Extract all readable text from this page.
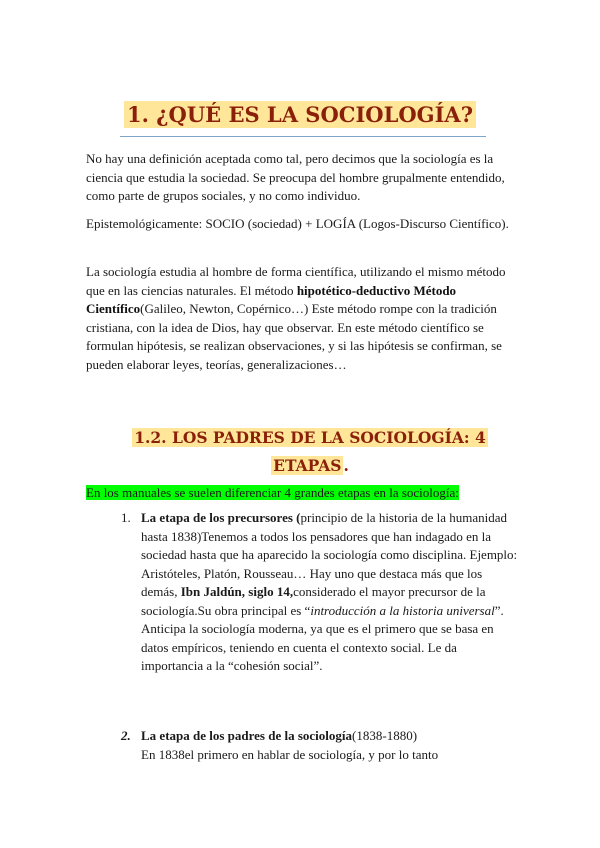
1. ¿QUÉ ES LA SOCIOLOGÍA?

No hay una definición aceptada como tal, pero decimos que la sociología es la ciencia que estudia la sociedad. Se preocupa del hombre grupalmente entendido, como parte de grupos sociales, y no como individuo.

Epistemológicamente: SOCIO (sociedad) + LOGÍA (Logos-Discurso Científico).

La sociología estudia al hombre de forma científica, utilizando el mismo método que en las ciencias naturales. El método hipotético-deductivo Método Científico(Galileo, Newton, Copérnico…) Este método rompe con la tradición cristiana, con la idea de Dios, hay que observar. En este método científico se formulan hipótesis, se realizan observaciones, y si las hipótesis se confirman, se pueden elaborar leyes, teorías, generalizaciones…

1.2. LOS PADRES DE LA SOCIOLOGÍA: 4
ETAPAS .
En los manuales se suelen diferenciar 4 grandes etapas en la sociología:
1. La etapa de los precursores (principio de la historia de la humanidad hasta 1838)Tenemos a todos los pensadores que han indagado en la sociedad hasta que ha aparecido la sociología como disciplina. Ejemplo: Aristóteles, Platón, Rousseau… Hay uno que destaca más que los demás, Ibn Jaldún, siglo 14,considerado el mayor precursor de la sociología.Su obra principal es “introducción a la historia universal”. Anticipa la sociología moderna, ya que es el primero que se basa en datos empíricos, teniendo en cuenta el contexto social. Le da importancia a la “cohesión social”.

2. La etapa de los padres de la sociología(1838-1880)
En 1838el primero en hablar de sociología, y por lo tanto
